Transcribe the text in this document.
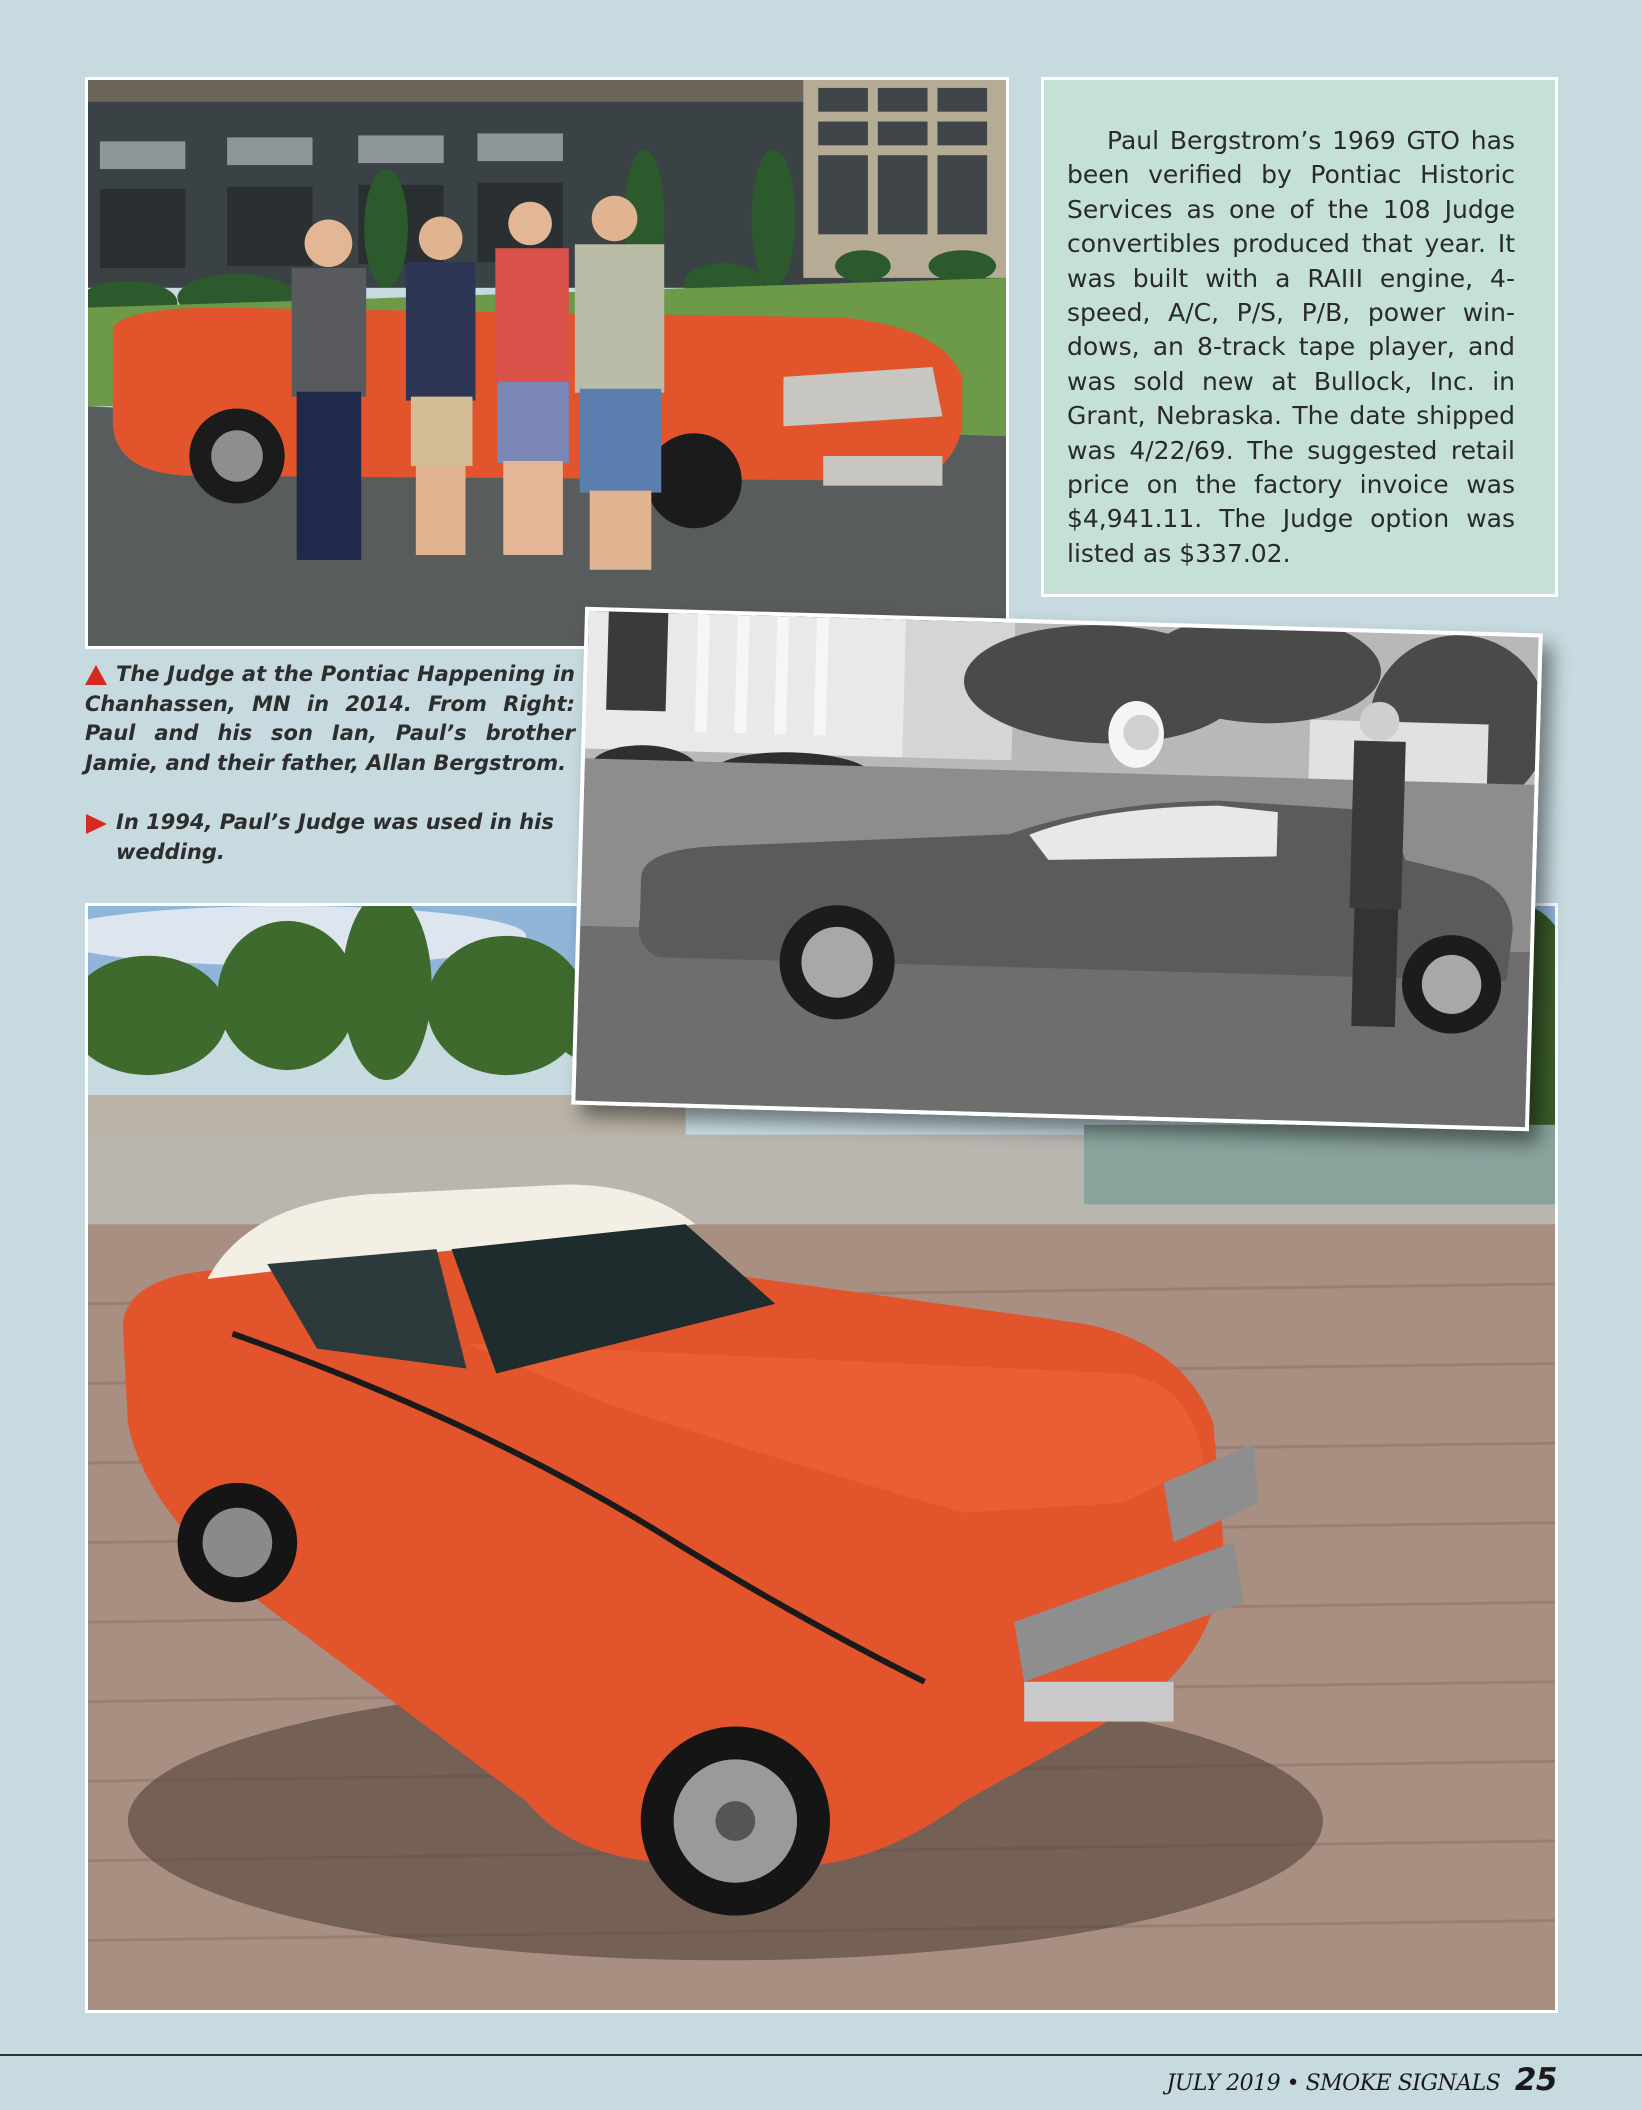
Paul Bergstrom’s 1969 GTO has been verified by Pontiac Historic Services as one of the 108 Judge convertibles produced that year. It was built with a RAIII engine, 4-speed, A/C, P/S, P/B, power windows, an 8-track tape player, and was sold new at Bullock, Inc. in Grant, Nebraska. The date shipped was 4/22/69. The suggested retail price on the factory invoice was $4,941.11. The Judge option was listed as $337.02.

The Judge at the Pontiac Happening in Chanhassen, MN in 2014. From Right: Paul and his son Ian, Paul’s brother Jamie, and their father, Allan Bergstrom.

In 1994, Paul’s Judge was used in his wedding.

JULY 2019 • SMOKE SIGNALS 25
